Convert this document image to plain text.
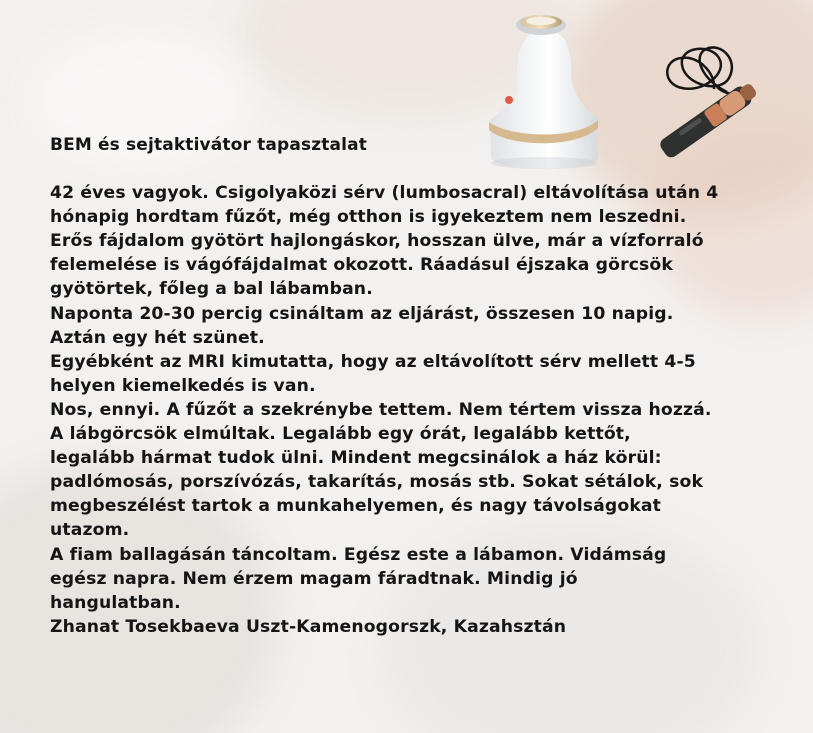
BEM és sejtaktivátor tapasztalat
42 éves vagyok. Csigolyaközi sérv (lumbosacral) eltávolítása után 4
hónapig hordtam fűzőt, még otthon is igyekeztem nem leszedni.
Erős fájdalom gyötört hajlongáskor, hosszan ülve, már a vízforraló
felemelése is vágófájdalmat okozott. Ráadásul éjszaka görcsök
gyötörtek, főleg a bal lábamban.
Naponta 20-30 percig csináltam az eljárást, összesen 10 napig.
Aztán egy hét szünet.
Egyébként az MRI kimutatta, hogy az eltávolított sérv mellett 4-5
helyen kiemelkedés is van.
Nos, ennyi. A fűzőt a szekrénybe tettem. Nem tértem vissza hozzá.
A lábgörcsök elmúltak. Legalább egy órát, legalább kettőt,
legalább hármat tudok ülni. Mindent megcsinálok a ház körül:
padlómosás, porszívózás, takarítás, mosás stb. Sokat sétálok, sok
megbeszélést tartok a munkahelyemen, és nagy távolságokat
utazom.
A fiam ballagásán táncoltam. Egész este a lábamon. Vidámság
egész napra. Nem érzem magam fáradtnak. Mindig jó
hangulatban.
Zhanat Tosekbaeva Uszt-Kamenogorszk, Kazahsztán
